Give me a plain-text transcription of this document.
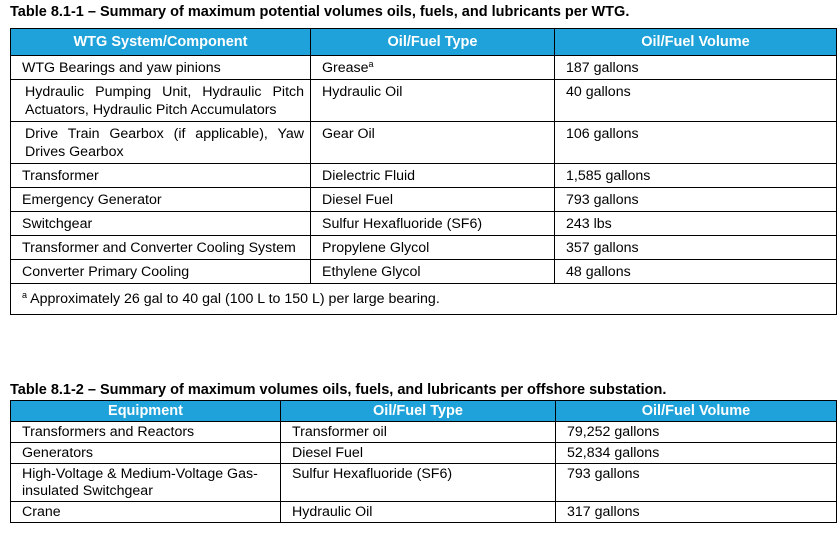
Table 8.1-1 – Summary of maximum potential volumes oils, fuels, and lubricants per WTG.
WTG System/Component	Oil/Fuel Type	Oil/Fuel Volume
WTG Bearings and yaw pinions	Grease$^a$	187 gallons
Hydraulic Pumping Unit, Hydraulic Pitch Actuators, Hydraulic Pitch Accumulators	Hydraulic Oil	40 gallons
Drive Train Gearbox (if applicable), Yaw Drives Gearbox	Gear Oil	106 gallons
Transformer	Dielectric Fluid	1,585 gallons
Emergency Generator	Diesel Fuel	793 gallons
Switchgear	Sulfur Hexafluoride (SF6)	243 lbs
Transformer and Converter Cooling System	Propylene Glycol	357 gallons
Converter Primary Cooling	Ethylene Glycol	48 gallons
$^a$ Approximately 26 gal to 40 gal (100 L to 150 L) per large bearing.		
Table 8.1-2 – Summary of maximum volumes oils, fuels, and lubricants per offshore substation.
Equipment	Oil/Fuel Type	Oil/Fuel Volume
Transformers and Reactors	Transformer oil	79,252 gallons
Generators	Diesel Fuel	52,834 gallons
High-Voltage & Medium-Voltage Gas- insulated Switchgear	Sulfur Hexafluoride (SF6)	793 gallons
Crane	Hydraulic Oil	317 gallons
